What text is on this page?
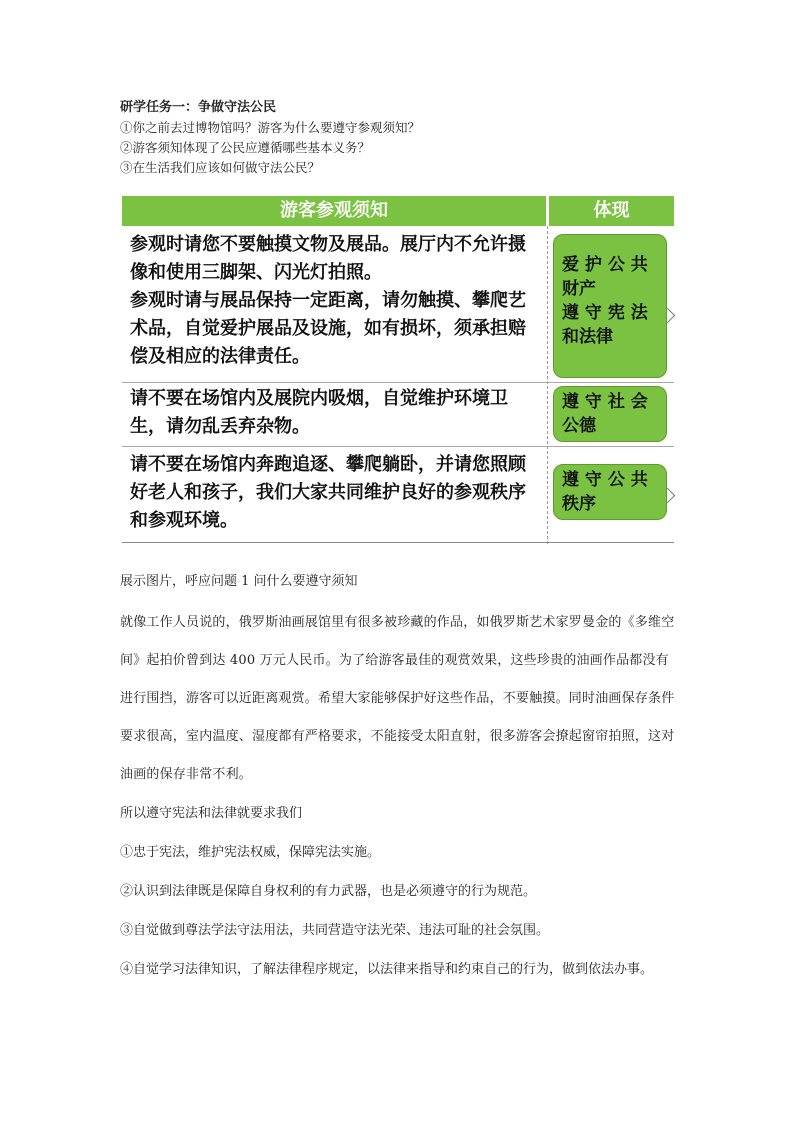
研学任务一：争做守法公民
①你之前去过博物馆吗？游客为什么要遵守参观须知？
②游客须知体现了公民应遵循哪些基本义务？
③在生活我们应该如何做守法公民？
游客参观须知	体现

参观时请您不要触摸文物及展品。展厅内不允许摄像和使用三脚架、闪光灯拍照。

参观时请与展品保持一定距离，请勿触摸、攀爬艺术品，自觉爱护展品及设施，如有损坏，须承担赔偿及相应的法律责任。

爱 护 公 共
财产
遵 守 宪 法
和法律

请不要在场馆内及展院内吸烟，自觉维护环境卫生，请勿乱丢弃杂物。

遵 守 社 会
公德

请不要在场馆内奔跑追逐、攀爬躺卧，并请您照顾好老人和孩子，我们大家共同维护良好的参观秩序和参观环境。

遵 守 公 共
秩序

展示图片，呼应问题 1 问什么要遵守须知

就像工作人员说的，俄罗斯油画展馆里有很多被珍藏的作品，如俄罗斯艺术家罗曼金的《多维空间》起拍价曾到达 400 万元人民币。为了给游客最佳的观赏效果，这些珍贵的油画作品都没有进行围挡，游客可以近距离观赏。希望大家能够保护好这些作品，不要触摸。同时油画保存条件要求很高，室内温度、湿度都有严格要求，不能接受太阳直射，很多游客会撩起窗帘拍照，这对油画的保存非常不利。

所以遵守宪法和法律就要求我们

①忠于宪法，维护宪法权威，保障宪法实施。

②认识到法律既是保障自身权利的有力武器，也是必须遵守的行为规范。

③自觉做到尊法学法守法用法，共同营造守法光荣、违法可耻的社会氛围。

④自觉学习法律知识，了解法律程序规定，以法律来指导和约束自己的行为，做到依法办事。
